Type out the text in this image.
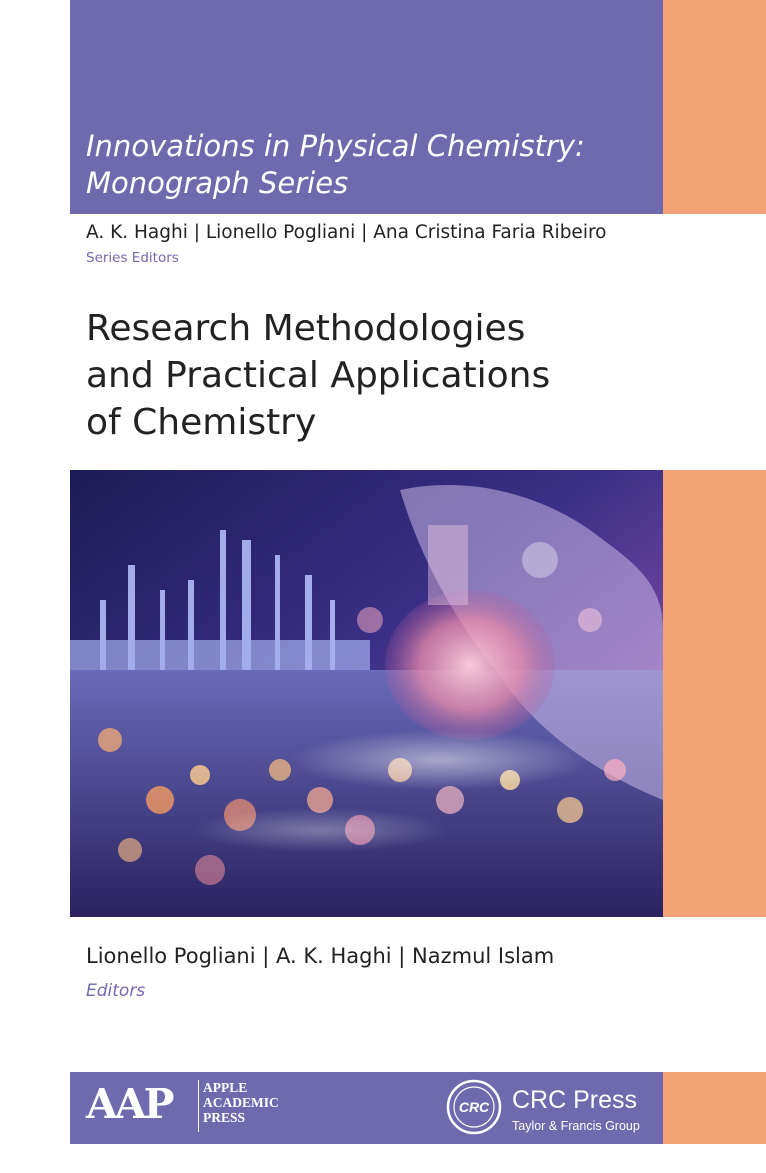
Innovations in Physical Chemistry:
Monograph Series
A. K. Haghi | Lionello Pogliani | Ana Cristina Faria Ribeiro
Series Editors
Research Methodologies
and Practical Applications
of Chemistry
Lionello Pogliani | A. K. Haghi | Nazmul Islam
Editors
AAP APPLE
ACADEMIC
PRESS
CRC CRC Press
Taylor & Francis Group
